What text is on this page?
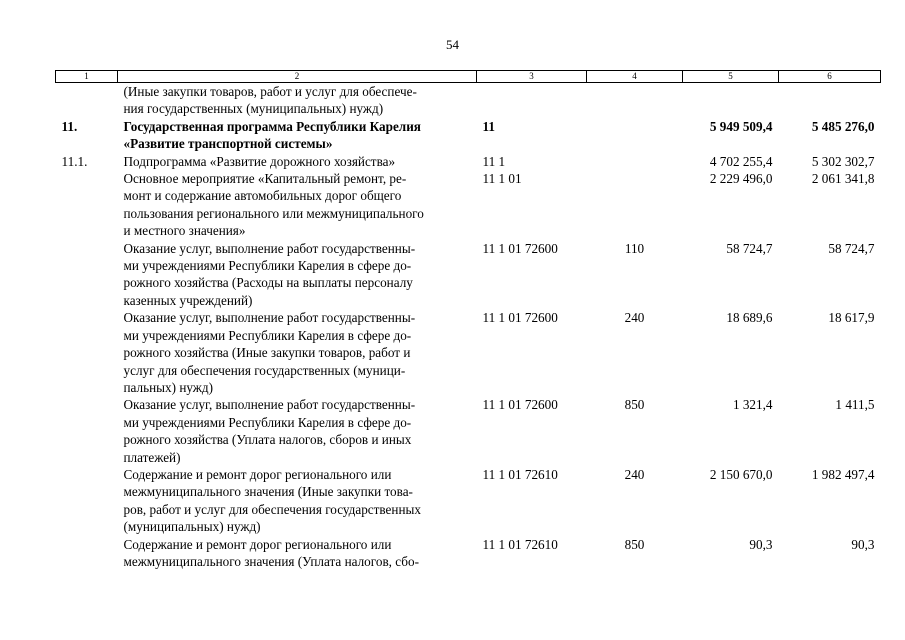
54
1	2	3	4	5	6
	(Иные закупки товаров, работ и услуг для обеспече-
ния государственных (муниципальных) нужд)				
11.	Государственная программа Республики Карелия
«Развитие транспортной системы»	11		5 949 509,4	5 485 276,0
11.1.	Подпрограмма «Развитие дорожного хозяйства»	11 1		4 702 255,4	5 302 302,7
	Основное мероприятие «Капитальный ремонт, ре-
монт и содержание автомобильных дорог общего
пользования регионального или межмуниципального
и местного значения»	11 1 01		2 229 496,0	2 061 341,8
	Оказание услуг, выполнение работ государственны-
ми учреждениями Республики Карелия в сфере до-
рожного хозяйства (Расходы на выплаты персоналу
казенных учреждений)	11 1 01 72600	110	58 724,7	58 724,7
	Оказание услуг, выполнение работ государственны-
ми учреждениями Республики Карелия в сфере до-
рожного хозяйства (Иные закупки товаров, работ и
услуг для обеспечения государственных (муници-
пальных) нужд)	11 1 01 72600	240	18 689,6	18 617,9
	Оказание услуг, выполнение работ государственны-
ми учреждениями Республики Карелия в сфере до-
рожного хозяйства (Уплата налогов, сборов и иных
платежей)	11 1 01 72600	850	1 321,4	1 411,5
	Содержание и ремонт дорог регионального или
межмуниципального значения (Иные закупки това-
ров, работ и услуг для обеспечения государственных
(муниципальных) нужд)	11 1 01 72610	240	2 150 670,0	1 982 497,4
	Содержание и ремонт дорог регионального или
межмуниципального значения (Уплата налогов, сбо-	11 1 01 72610	850	90,3	90,3
